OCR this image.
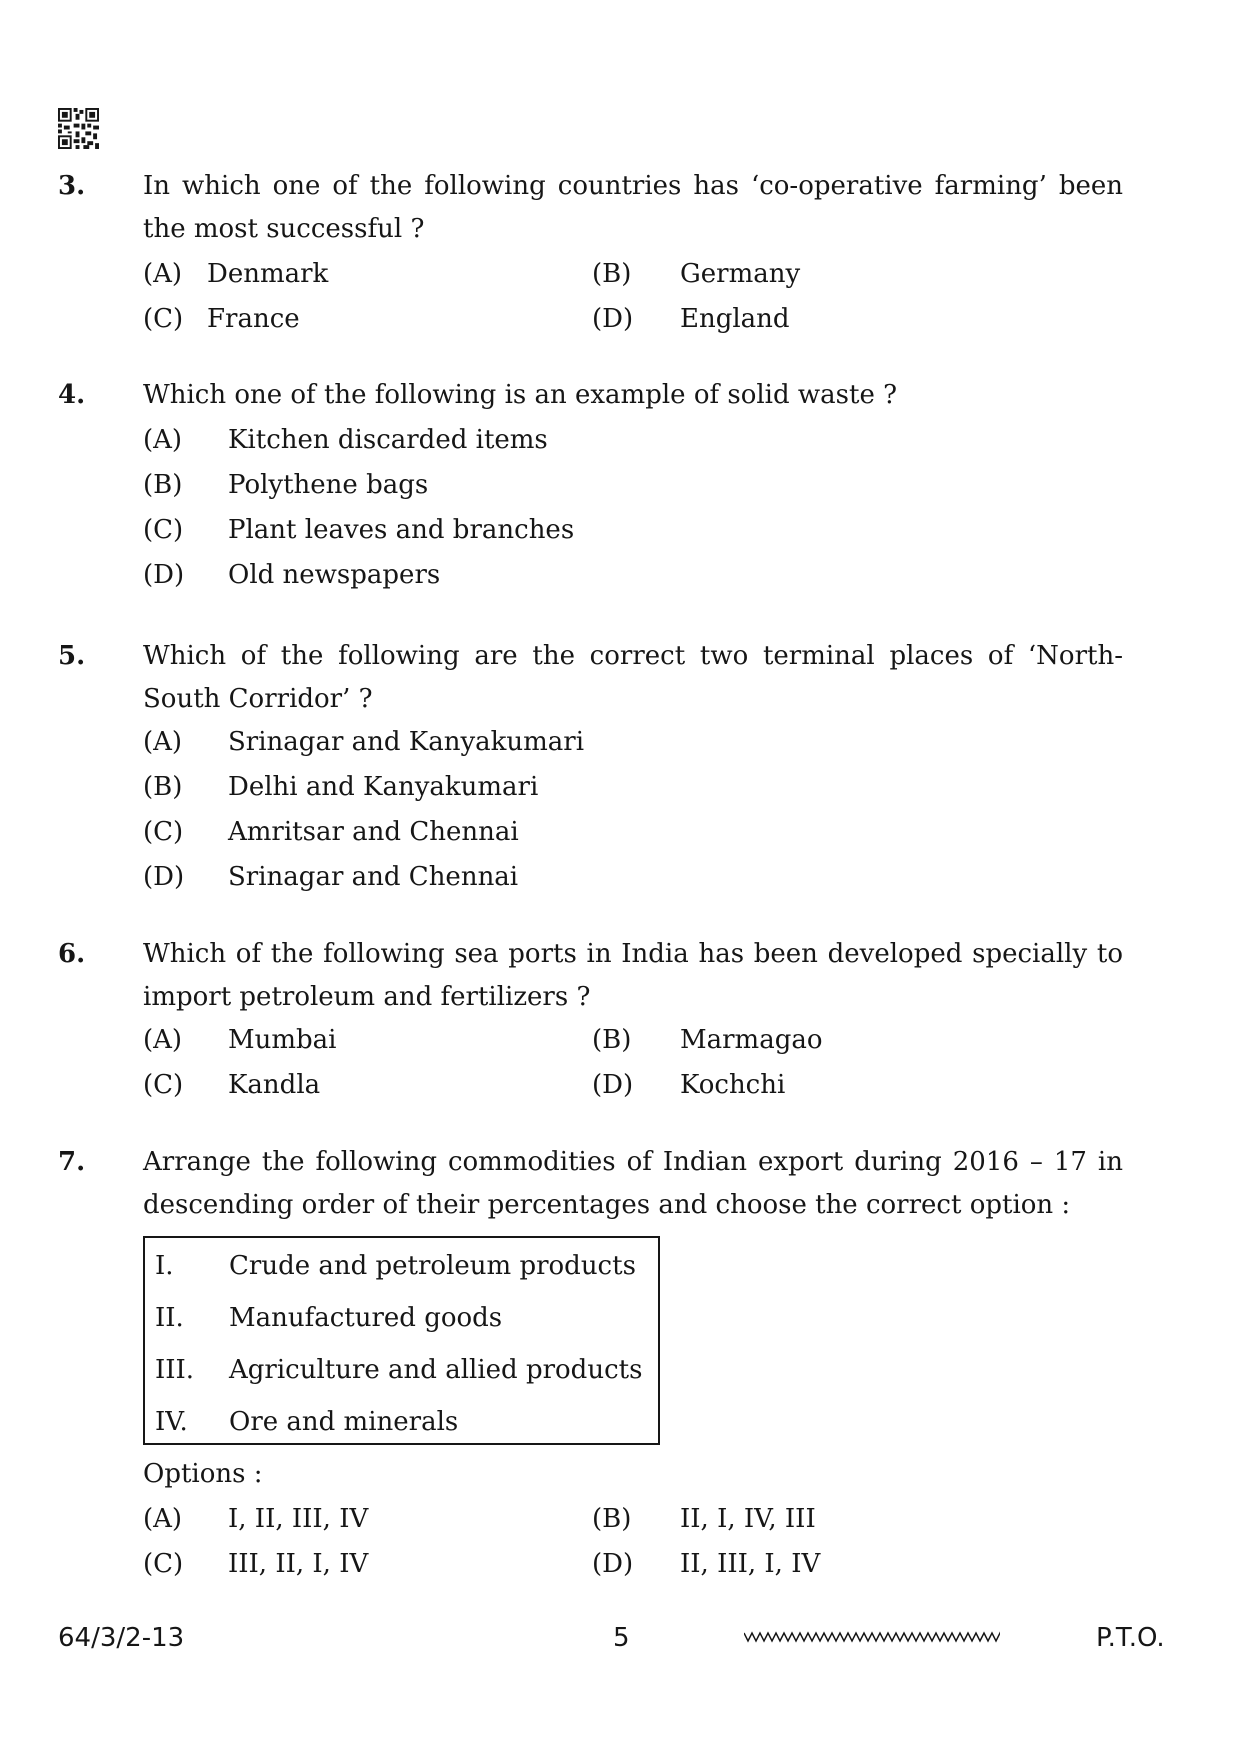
3. In which one of the following countries has ‘co-operative farming’ been the most successful ?
(A) Denmark	(B) Germany
(C) France	(D) England
4. Which one of the following is an example of solid waste ?
(A) Kitchen discarded items
(B) Polythene bags
(C) Plant leaves and branches
(D) Old newspapers
5. Which of the following are the correct two terminal places of ‘North-South Corridor’ ?
(A) Srinagar and Kanyakumari
(B) Delhi and Kanyakumari
(C) Amritsar and Chennai
(D) Srinagar and Chennai
6. Which of the following sea ports in India has been developed specially to import petroleum and fertilizers ?
(A) Mumbai	(B) Marmagao
(C) Kandla	(D) Kochchi
7. Arrange the following commodities of Indian export during 2016 – 17 in descending order of their percentages and choose the correct option :
I. Crude and petroleum products
II. Manufactured goods
III. Agriculture and allied products
IV. Ore and minerals
Options :
(A) I, II, III, IV	(B) II, I, IV, III
(C) III, II, I, IV	(D) II, III, I, IV
64/3/2-13	5	P.T.O.
